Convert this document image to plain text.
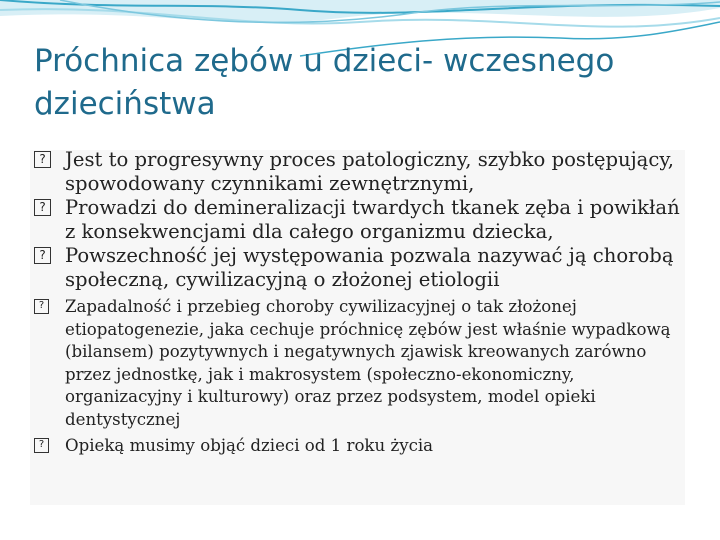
Próchnica zębów u dzieci- wczesnego dzieciństwa
? Jest to progresywny proces patologiczny, szybko postępujący, spowodowany czynnikami zewnętrznymi,
? Prowadzi do demineralizacji twardych tkanek zęba i powikłań z konsekwencjami dla całego organizmu dziecka,
? Powszechność jej występowania pozwala nazywać ją chorobą społeczną, cywilizacyjną o złożonej etiologii
? Zapadalność i przebieg choroby cywilizacyjnej o tak złożonej etiopatogenezie, jaka cechuje próchnicę zębów jest właśnie wypadkową (bilansem) pozytywnych i negatywnych zjawisk kreowanych zarówno przez jednostkę, jak i makrosystem (społeczno-ekonomiczny, organizacyjny i kulturowy) oraz przez podsystem, model opieki dentystycznej
? Opieką musimy objąć dzieci od 1 roku życia
